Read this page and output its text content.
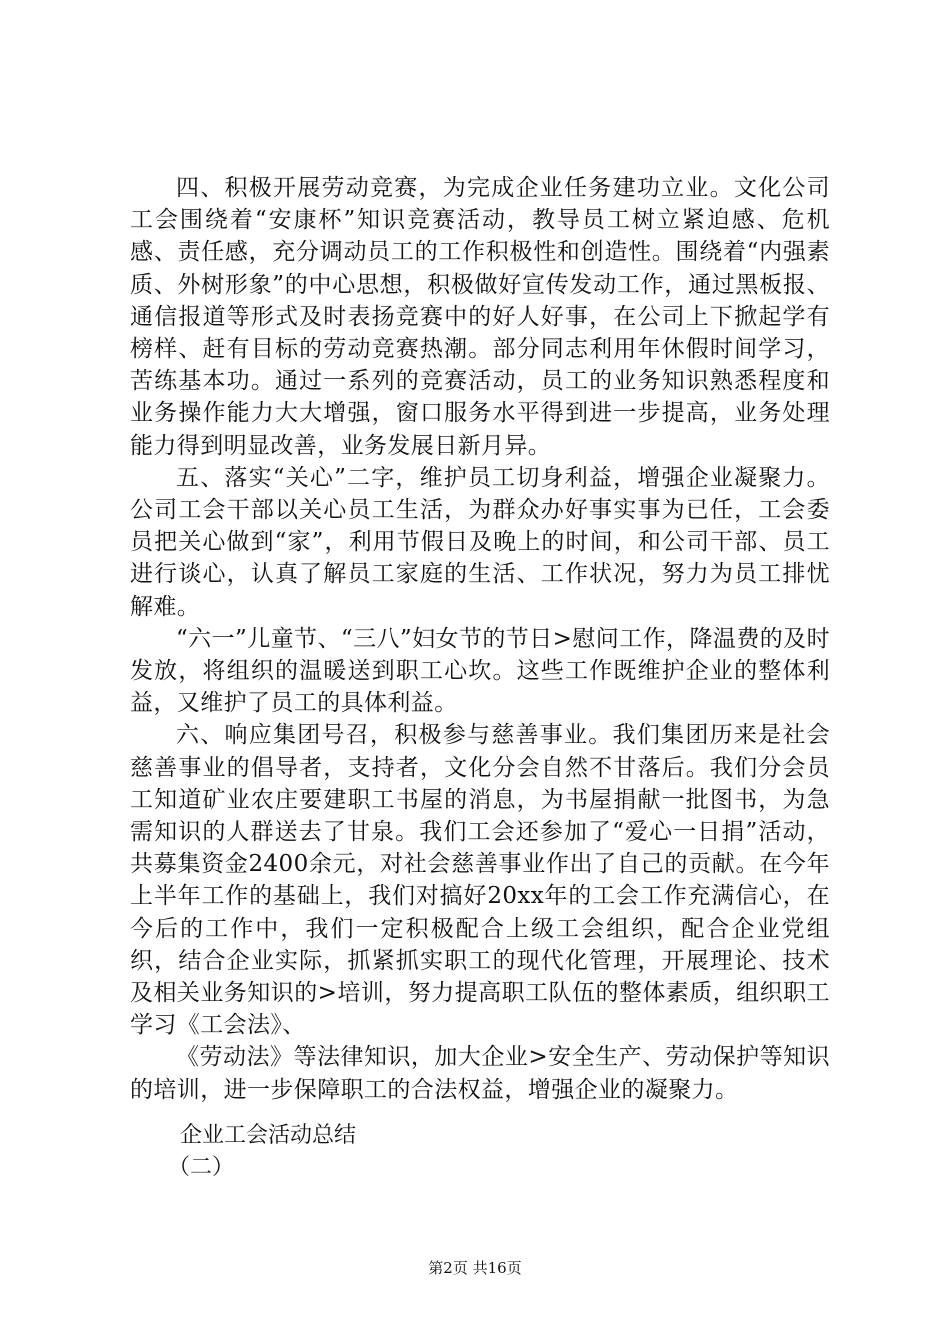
四、积极开展劳动竞赛，为完成企业任务建功立业。文化公司工会围绕着“安康杯”知识竞赛活动，教导员工树立紧迫感、危机感、责任感，充分调动员工的工作积极性和创造性。围绕着“内强素质、外树形象”的中心思想，积极做好宣传发动工作，通过黑板报、通信报道等形式及时表扬竞赛中的好人好事，在公司上下掀起学有榜样、赶有目标的劳动竞赛热潮。部分同志利用年休假时间学习，苦练基本功。通过一系列的竞赛活动，员工的业务知识熟悉程度和业务操作能力大大增强，窗口服务水平得到进一步提高，业务处理能力得到明显改善，业务发展日新月异。

五、落实“关心”二字，维护员工切身利益，增强企业凝聚力。公司工会干部以关心员工生活，为群众办好事实事为已任，工会委员把关心做到“家”，利用节假日及晚上的时间，和公司干部、员工进行谈心，认真了解员工家庭的生活、工作状况，努力为员工排忧解难。

“六一”儿童节、“三八”妇女节的节日>慰问工作，降温费的及时发放，将组织的温暖送到职工心坎。这些工作既维护企业的整体利益，又维护了员工的具体利益。

六、响应集团号召，积极参与慈善事业。我们集团历来是社会慈善事业的倡导者，支持者，文化分会自然不甘落后。我们分会员工知道矿业农庄要建职工书屋的消息，为书屋捐献一批图书，为急需知识的人群送去了甘泉。我们工会还参加了“爱心一日捐”活动，共募集资金2400余元，对社会慈善事业作出了自己的贡献。在今年上半年工作的基础上，我们对搞好20xx年的工会工作充满信心，在今后的工作中，我们一定积极配合上级工会组织，配合企业党组织，结合企业实际，抓紧抓实职工的现代化管理，开展理论、技术及相关业务知识的>培训，努力提高职工队伍的整体素质，组织职工学习《工会法》、

《劳动法》等法律知识，加大企业>安全生产、劳动保护等知识的培训，进一步保障职工的合法权益，增强企业的凝聚力。

企业工会活动总结
（二）
第2页 共16页
